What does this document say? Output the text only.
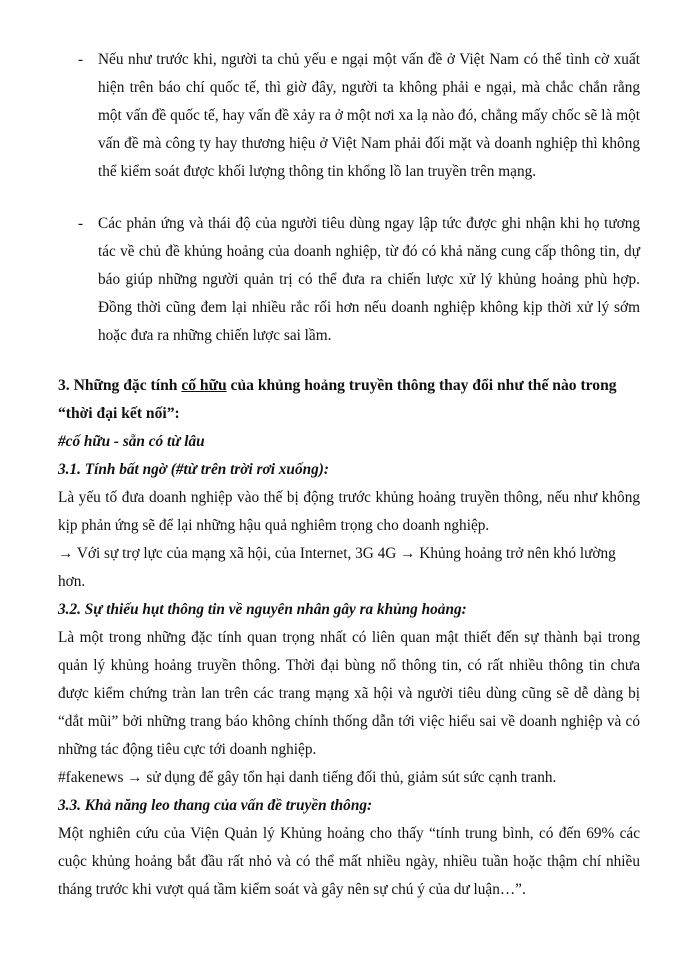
- Nếu như trước khi, người ta chủ yếu e ngại một vấn đề ở Việt Nam có thể tình cờ xuất hiện trên báo chí quốc tế, thì giờ đây, người ta không phải e ngại, mà chắc chắn rằng một vấn đề quốc tế, hay vấn đề xảy ra ở một nơi xa lạ nào đó, chẳng mấy chốc sẽ là một vấn đề mà công ty hay thương hiệu ở Việt Nam phải đối mặt và doanh nghiệp thì không thể kiểm soát được khối lượng thông tin khổng lồ lan truyền trên mạng.
- Các phản ứng và thái độ của người tiêu dùng ngay lập tức được ghi nhận khi họ tương tác về chủ đề khủng hoảng của doanh nghiệp, từ đó có khả năng cung cấp thông tin, dự báo giúp những người quản trị có thể đưa ra chiến lược xử lý khủng hoảng phù hợp. Đồng thời cũng đem lại nhiều rắc rối hơn nếu doanh nghiệp không kịp thời xử lý sớm hoặc đưa ra những chiến lược sai lầm.
3. Những đặc tính cố hữu của khủng hoảng truyền thông thay đổi như thế nào trong “thời đại kết nối”:
#cố hữu - sẵn có từ lâu
3.1. Tính bất ngờ (#từ trên trời rơi xuống):
Là yếu tố đưa doanh nghiệp vào thế bị động trước khủng hoảng truyền thông, nếu như không kịp phản ứng sẽ để lại những hậu quả nghiêm trọng cho doanh nghiệp.
→ Với sự trợ lực của mạng xã hội, của Internet, 3G 4G → Khủng hoảng trở nên khó lường hơn.
3.2. Sự thiếu hụt thông tin về nguyên nhân gây ra khủng hoảng:
Là một trong những đặc tính quan trọng nhất có liên quan mật thiết đến sự thành bại trong quản lý khủng hoảng truyền thông. Thời đại bùng nổ thông tin, có rất nhiều thông tin chưa được kiểm chứng tràn lan trên các trang mạng xã hội và người tiêu dùng cũng sẽ dễ dàng bị “dắt mũi” bởi những trang báo không chính thống dẫn tới việc hiểu sai về doanh nghiệp và có những tác động tiêu cực tới doanh nghiệp.
#fakenews → sử dụng để gây tổn hại danh tiếng đối thủ, giảm sút sức cạnh tranh.
3.3. Khả năng leo thang của vấn đề truyền thông:
Một nghiên cứu của Viện Quản lý Khủng hoảng cho thấy “tính trung bình, có đến 69% các cuộc khủng hoảng bắt đầu rất nhỏ và có thể mất nhiều ngày, nhiều tuần hoặc thậm chí nhiều tháng trước khi vượt quá tầm kiểm soát và gây nên sự chú ý của dư luận…”.
